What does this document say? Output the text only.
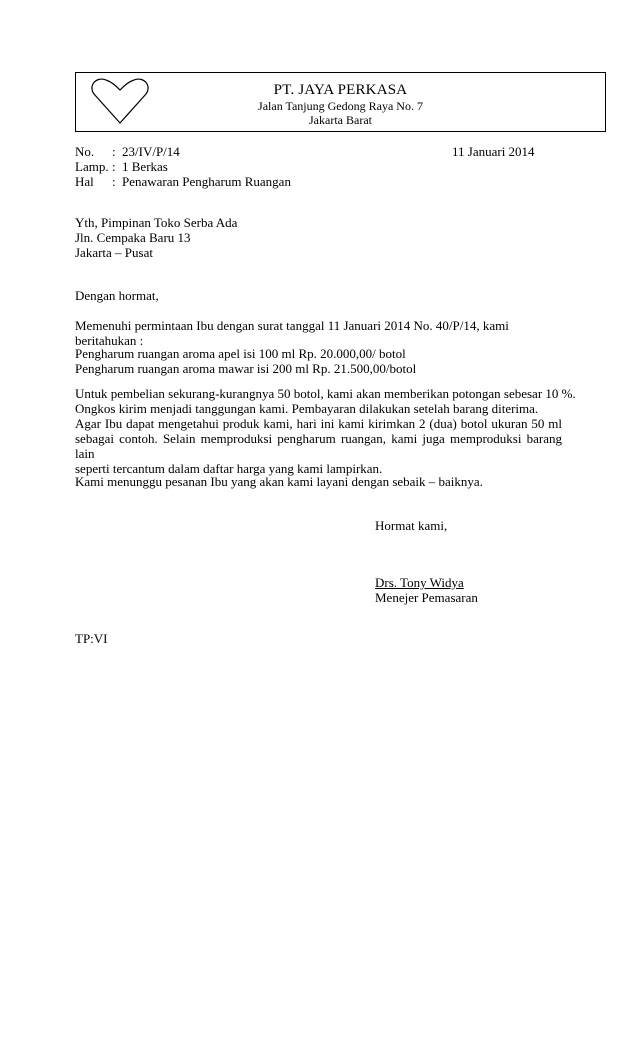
PT. JAYA PERKASA
Jalan Tanjung Gedong Raya No. 7
Jakarta Barat
No. : 23/IV/P/14
Lamp. : 1 Berkas
Hal : Penawaran Pengharum Ruangan
11 Januari 2014
Yth, Pimpinan Toko Serba Ada
Jln. Cempaka Baru 13
Jakarta – Pusat
Dengan hormat,
Memenuhi permintaan Ibu dengan surat tanggal 11 Januari 2014 No. 40/P/14, kami beritahukan :
Pengharum ruangan aroma apel isi 100 ml Rp. 20.000,00/ botol
Pengharum ruangan aroma mawar isi 200 ml Rp. 21.500,00/botol
Untuk pembelian sekurang-kurangnya 50 botol, kami akan memberikan potongan sebesar 10 %.
Ongkos kirim menjadi tanggungan kami. Pembayaran dilakukan setelah barang diterima.
Agar Ibu dapat mengetahui produk kami, hari ini kami kirimkan 2 (dua) botol ukuran 50 ml
sebagai contoh. Selain memproduksi pengharum ruangan, kami juga memproduksi barang lain
seperti tercantum dalam daftar harga yang kami lampirkan.
Kami menunggu pesanan Ibu yang akan kami layani dengan sebaik – baiknya.
Hormat kami,
Drs. Tony Widya
Menejer Pemasaran
TP:VI
